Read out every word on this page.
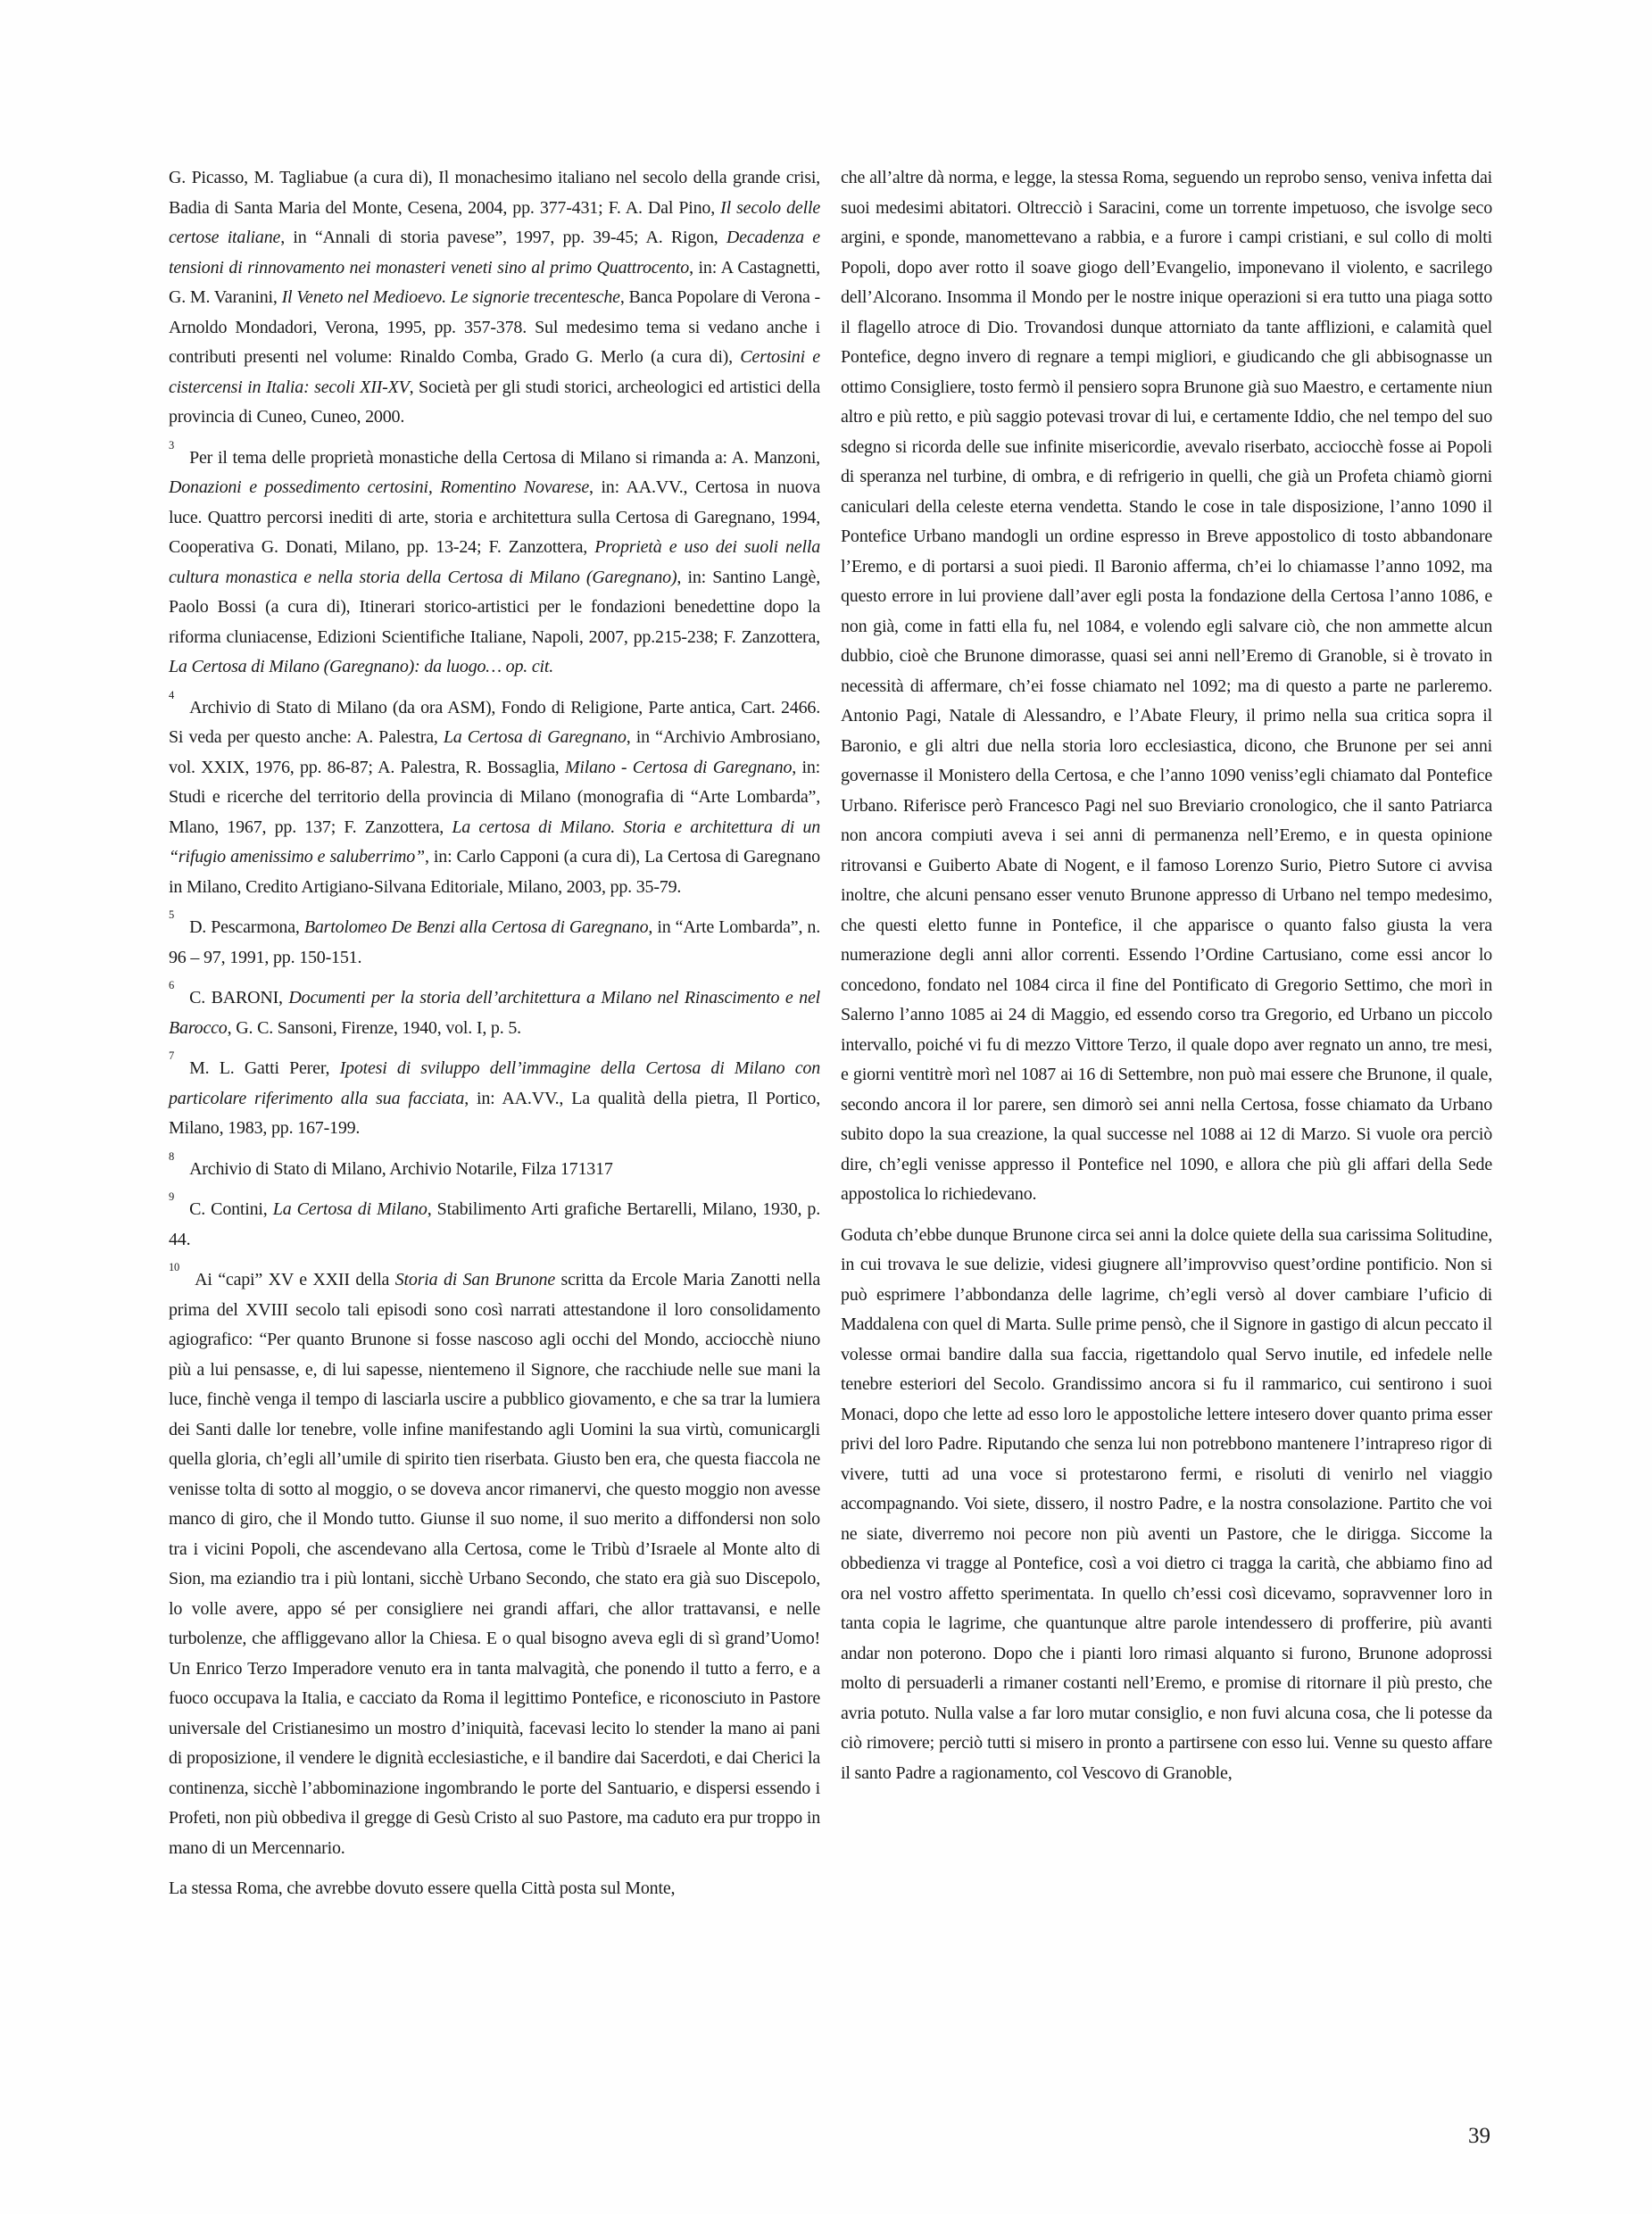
G. Picasso, M. Tagliabue (a cura di), Il monachesimo italiano nel secolo della grande crisi, Badia di Santa Maria del Monte, Cesena, 2004, pp. 377-431; F. A. Dal Pino, Il secolo delle certose italiane, in “Annali di storia pavese”, 1997, pp. 39-45; A. Rigon, Decadenza e tensioni di rinnovamento nei monasteri veneti sino al primo Quattrocento, in: A Castagnetti, G. M. Varanini, Il Veneto nel Medioevo. Le signorie trecentesche, Banca Popolare di Verona - Arnoldo Mondadori, Verona, 1995, pp. 357-378. Sul medesimo tema si vedano anche i contributi presenti nel volume: Rinaldo Comba, Grado G. Merlo (a cura di), Certosini e cistercensi in Italia: secoli XII-XV, Società per gli studi storici, archeologici ed artistici della provincia di Cuneo, Cuneo, 2000.

$^3$Per il tema delle proprietà monastiche della Certosa di Milano si rimanda a: A. Manzoni, Donazioni e possedimento certosini, Romentino Novarese, in: AA.VV., Certosa in nuova luce. Quattro percorsi inediti di arte, storia e architettura sulla Certosa di Garegnano, 1994, Cooperativa G. Donati, Milano, pp. 13-24; F. Zanzottera, Proprietà e uso dei suoli nella cultura monastica e nella storia della Certosa di Milano (Garegnano), in: Santino Langè, Paolo Bossi (a cura di), Itinerari storico-artistici per le fondazioni benedettine dopo la riforma cluniacense, Edizioni Scientifiche Italiane, Napoli, 2007, pp.215-238; F. Zanzottera, La Certosa di Milano (Garegnano): da luogo… op. cit.

$^4$Archivio di Stato di Milano (da ora ASM), Fondo di Religione, Parte antica, Cart. 2466. Si veda per questo anche: A. Palestra, La Certosa di Garegnano, in “Archivio Ambrosiano, vol. XXIX, 1976, pp. 86-87; A. Palestra, R. Bossaglia, Milano - Certosa di Garegnano, in: Studi e ricerche del territorio della provincia di Milano (monografia di “Arte Lombarda”, Mlano, 1967, pp. 137; F. Zanzottera, La certosa di Milano. Storia e architettura di un “rifugio amenissimo e saluberrimo”, in: Carlo Capponi (a cura di), La Certosa di Garegnano in Milano, Credito Artigiano-Silvana Editoriale, Milano, 2003, pp. 35-79.

$^5$D. Pescarmona, Bartolomeo De Benzi alla Certosa di Garegnano, in “Arte Lombarda”, n. 96 – 97, 1991, pp. 150-151.

$^6$C. BARONI, Documenti per la storia dell’architettura a Milano nel Rinascimento e nel Barocco, G. C. Sansoni, Firenze, 1940, vol. I, p. 5.

$^7$M. L. Gatti Perer, Ipotesi di sviluppo dell’immagine della Certosa di Milano con particolare riferimento alla sua facciata, in: AA.VV., La qualità della pietra, Il Portico, Milano, 1983, pp. 167-199.

$^8$Archivio di Stato di Milano, Archivio Notarile, Filza 171317

$^9$C. Contini, La Certosa di Milano, Stabilimento Arti grafiche Bertarelli, Milano, 1930, p. 44.

$^{10}$Ai “capi” XV e XXII della Storia di San Brunone scritta da Ercole Maria Zanotti nella prima del XVIII secolo tali episodi sono così narrati attestandone il loro consolidamento agiografico: “Per quanto Brunone si fosse nascoso agli occhi del Mondo, acciocchè niuno più a lui pensasse, e, di lui sapesse, nientemeno il Signore, che racchiude nelle sue mani la luce, finchè venga il tempo di lasciarla uscire a pubblico giovamento, e che sa trar la lumiera dei Santi dalle lor tenebre, volle infine manifestando agli Uomini la sua virtù, comunicargli quella gloria, ch’egli all’umile di spirito tien riserbata. Giusto ben era, che questa fiaccola ne venisse tolta di sotto al moggio, o se doveva ancor rimanervi, che questo moggio non avesse manco di giro, che il Mondo tutto. Giunse il suo nome, il suo merito a diffondersi non solo tra i vicini Popoli, che ascendevano alla Certosa, come le Tribù d’Israele al Monte alto di Sion, ma eziandio tra i più lontani, sicchè Urbano Secondo, che stato era già suo Discepolo, lo volle avere, appo sé per consigliere nei grandi affari, che allor trattavansi, e nelle turbolenze, che affliggevano allor la Chiesa. E o qual bisogno aveva egli di sì grand’Uomo! Un Enrico Terzo Imperadore venuto era in tanta malvagità, che ponendo il tutto a ferro, e a fuoco occupava la Italia, e cacciato da Roma il legittimo Pontefice, e riconosciuto in Pastore universale del Cristianesimo un mostro d’iniquità, facevasi lecito lo stender la mano ai pani di proposizione, il vendere le dignità ecclesiastiche, e il bandire dai Sacerdoti, e dai Cherici la continenza, sicchè l’abbominazione ingombrando le porte del Santuario, e dispersi essendo i Profeti, non più obbediva il gregge di Gesù Cristo al suo Pastore, ma caduto era pur troppo in mano di un Mercennario.

La stessa Roma, che avrebbe dovuto essere quella Città posta sul Monte,

che all’altre dà norma, e legge, la stessa Roma, seguendo un reprobo senso, veniva infetta dai suoi medesimi abitatori. Oltrecciò i Saracini, come un torrente impetuoso, che isvolge seco argini, e sponde, manomettevano a rabbia, e a furore i campi cristiani, e sul collo di molti Popoli, dopo aver rotto il soave giogo dell’Evangelio, imponevano il violento, e sacrilego dell’Alcorano. Insomma il Mondo per le nostre inique operazioni si era tutto una piaga sotto il flagello atroce di Dio. Trovandosi dunque attorniato da tante afflizioni, e calamità quel Pontefice, degno invero di regnare a tempi migliori, e giudicando che gli abbisognasse un ottimo Consigliere, tosto fermò il pensiero sopra Brunone già suo Maestro, e certamente niun altro e più retto, e più saggio potevasi trovar di lui, e certamente Iddio, che nel tempo del suo sdegno si ricorda delle sue infinite misericordie, avevalo riserbato, acciocchè fosse ai Popoli di speranza nel turbine, di ombra, e di refrigerio in quelli, che già un Profeta chiamò giorni caniculari della celeste eterna vendetta. Stando le cose in tale disposizione, l’anno 1090 il Pontefice Urbano mandogli un ordine espresso in Breve appostolico di tosto abbandonare l’Eremo, e di portarsi a suoi piedi. Il Baronio afferma, ch’ei lo chiamasse l’anno 1092, ma questo errore in lui proviene dall’aver egli posta la fondazione della Certosa l’anno 1086, e non già, come in fatti ella fu, nel 1084, e volendo egli salvare ciò, che non ammette alcun dubbio, cioè che Brunone dimorasse, quasi sei anni nell’Eremo di Granoble, si è trovato in necessità di affermare, ch’ei fosse chiamato nel 1092; ma di questo a parte ne parleremo. Antonio Pagi, Natale di Alessandro, e l’Abate Fleury, il primo nella sua critica sopra il Baronio, e gli altri due nella storia loro ecclesiastica, dicono, che Brunone per sei anni governasse il Monistero della Certosa, e che l’anno 1090 veniss’egli chiamato dal Pontefice Urbano. Riferisce però Francesco Pagi nel suo Breviario cronologico, che il santo Patriarca non ancora compiuti aveva i sei anni di permanenza nell’Eremo, e in questa opinione ritrovansi e Guiberto Abate di Nogent, e il famoso Lorenzo Surio, Pietro Sutore ci avvisa inoltre, che alcuni pensano esser venuto Brunone appresso di Urbano nel tempo medesimo, che questi eletto funne in Pontefice, il che apparisce o quanto falso giusta la vera numerazione degli anni allor correnti. Essendo l’Ordine Cartusiano, come essi ancor lo concedono, fondato nel 1084 circa il fine del Pontificato di Gregorio Settimo, che morì in Salerno l’anno 1085 ai 24 di Maggio, ed essendo corso tra Gregorio, ed Urbano un piccolo intervallo, poiché vi fu di mezzo Vittore Terzo, il quale dopo aver regnato un anno, tre mesi, e giorni ventitrè morì nel 1087 ai 16 di Settembre, non può mai essere che Brunone, il quale, secondo ancora il lor parere, sen dimorò sei anni nella Certosa, fosse chiamato da Urbano subito dopo la sua creazione, la qual successe nel 1088 ai 12 di Marzo. Si vuole ora perciò dire, ch’egli venisse appresso il Pontefice nel 1090, e allora che più gli affari della Sede appostolica lo richiedevano.

Goduta ch’ebbe dunque Brunone circa sei anni la dolce quiete della sua carissima Solitudine, in cui trovava le sue delizie, videsi giugnere all’improvviso quest’ordine pontificio. Non si può esprimere l’abbondanza delle lagrime, ch’egli versò al dover cambiare l’uficio di Maddalena con quel di Marta. Sulle prime pensò, che il Signore in gastigo di alcun peccato il volesse ormai bandire dalla sua faccia, rigettandolo qual Servo inutile, ed infedele nelle tenebre esteriori del Secolo. Grandissimo ancora si fu il rammarico, cui sentirono i suoi Monaci, dopo che lette ad esso loro le appostoliche lettere intesero dover quanto prima esser privi del loro Padre. Riputando che senza lui non potrebbono mantenere l’intrapreso rigor di vivere, tutti ad una voce si protestarono fermi, e risoluti di venirlo nel viaggio accompagnando. Voi siete, dissero, il nostro Padre, e la nostra consolazione. Partito che voi ne siate, diverremo noi pecore non più aventi un Pastore, che le dirigga. Siccome la obbedienza vi tragge al Pontefice, così a voi dietro ci tragga la carità, che abbiamo fino ad ora nel vostro affetto sperimentata. In quello ch’essi così dicevamo, sopravvenner loro in tanta copia le lagrime, che quantunque altre parole intendessero di profferire, più avanti andar non poterono. Dopo che i pianti loro rimasi alquanto si furono, Brunone adoprossi molto di persuaderli a rimaner costanti nell’Eremo, e promise di ritornare il più presto, che avria potuto. Nulla valse a far loro mutar consiglio, e non fuvi alcuna cosa, che li potesse da ciò rimovere; perciò tutti si misero in pronto a partirsene con esso lui. Venne su questo affare il santo Padre a ragionamento, col Vescovo di Granoble,

39
